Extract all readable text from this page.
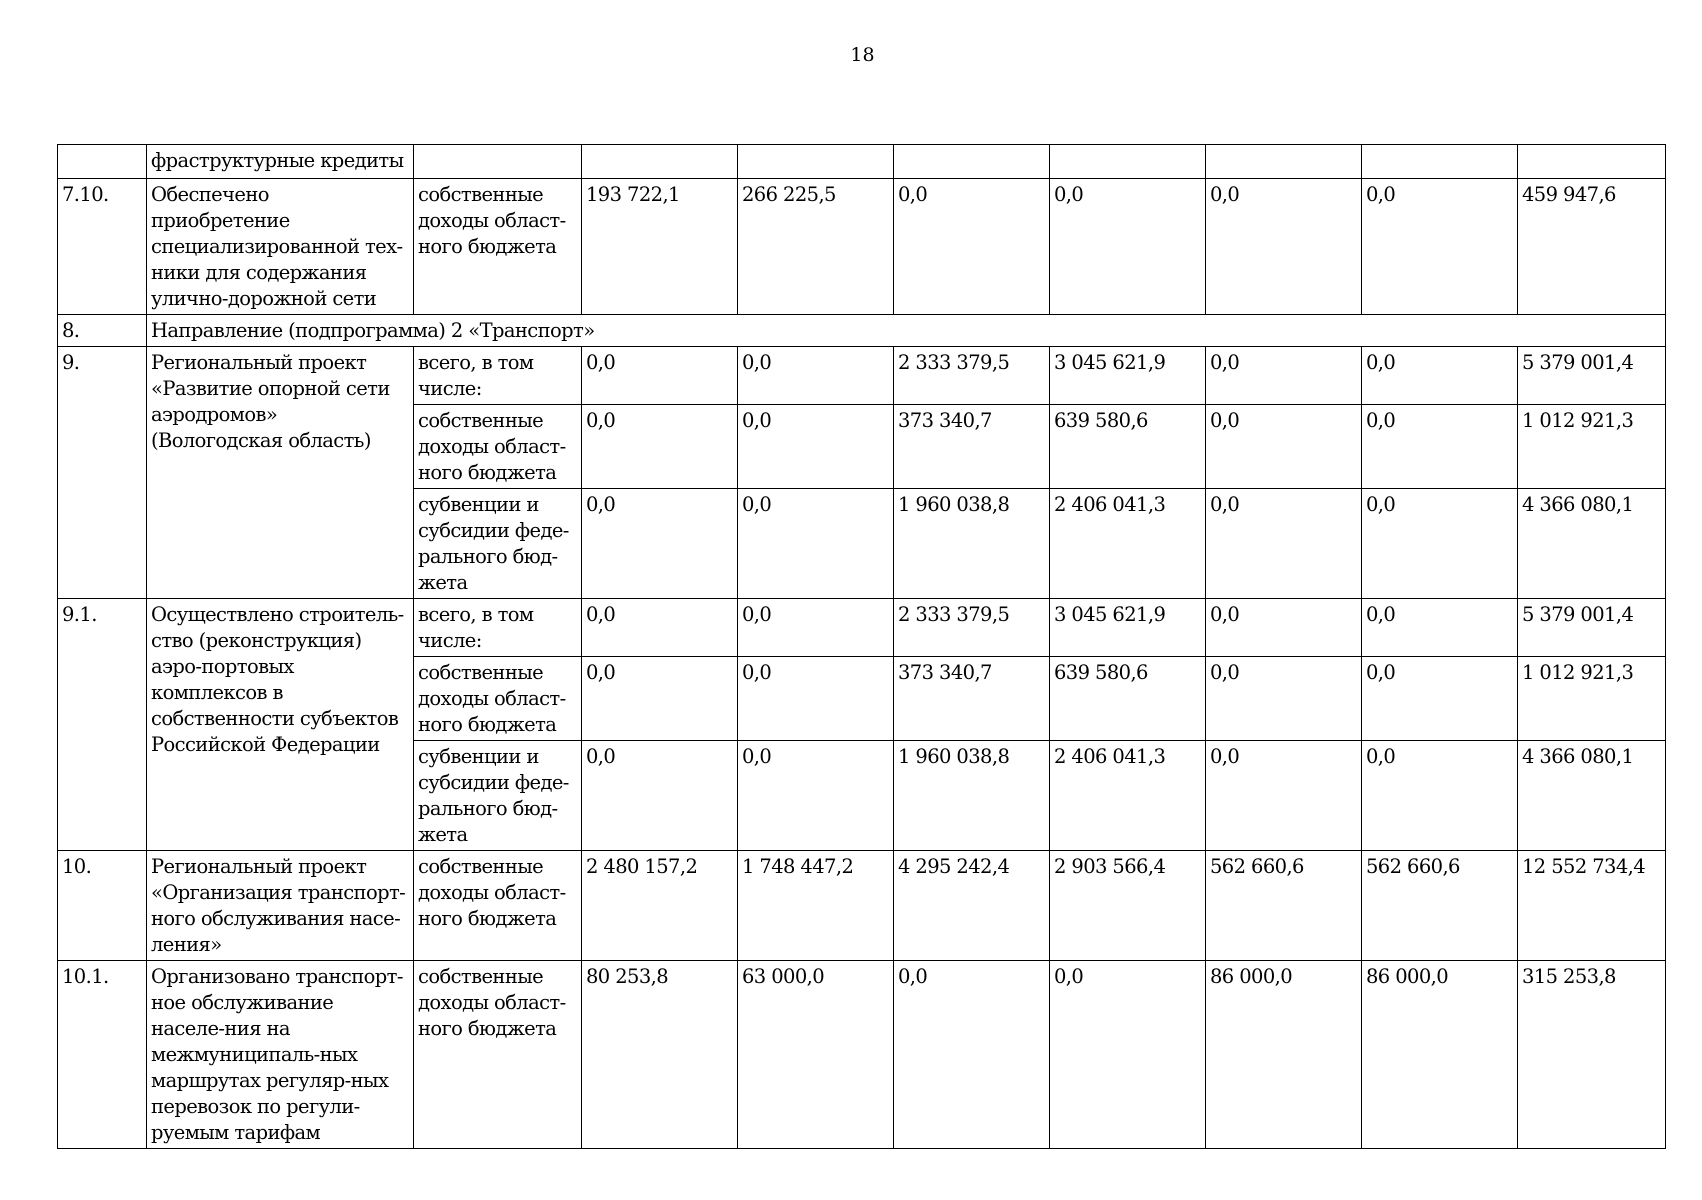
18
	фраструктурные кредиты								
7.10.	Обеспечено приобретение специализированной тех-ники для содержания улично-дорожной сети	собственные доходы област-ного бюджета	193 722,1	266 225,5	0,0	0,0	0,0	0,0	459 947,6
8.	Направление (подпрограмма) 2 «Транспорт»								
9.	Региональный проект «Развитие опорной сети аэродромов» (Вологодская область)	всего, в том числе:	0,0	0,0	2 333 379,5	3 045 621,9	0,0	0,0	5 379 001,4
		собственные доходы област-ного бюджета	0,0	0,0	373 340,7	639 580,6	0,0	0,0	1 012 921,3
		субвенции и субсидии феде-рального бюд-жета	0,0	0,0	1 960 038,8	2 406 041,3	0,0	0,0	4 366 080,1
9.1.	Осуществлено строитель-ство (реконструкция) аэро-портовых комплексов в собственности субъектов Российской Федерации	всего, в том числе:	0,0	0,0	2 333 379,5	3 045 621,9	0,0	0,0	5 379 001,4
		собственные доходы област-ного бюджета	0,0	0,0	373 340,7	639 580,6	0,0	0,0	1 012 921,3
		субвенции и субсидии феде-рального бюд-жета	0,0	0,0	1 960 038,8	2 406 041,3	0,0	0,0	4 366 080,1
10.	Региональный проект «Организация транспорт-ного обслуживания насе-ления»	собственные доходы област-ного бюджета	2 480 157,2	1 748 447,2	4 295 242,4	2 903 566,4	562 660,6	562 660,6	12 552 734,4
10.1.	Организовано транспорт-ное обслуживание населе-ния на межмуниципаль-ных маршрутах регуляр-ных перевозок по регули-руемым тарифам	собственные доходы област-ного бюджета	80 253,8	63 000,0	0,0	0,0	86 000,0	86 000,0	315 253,8
